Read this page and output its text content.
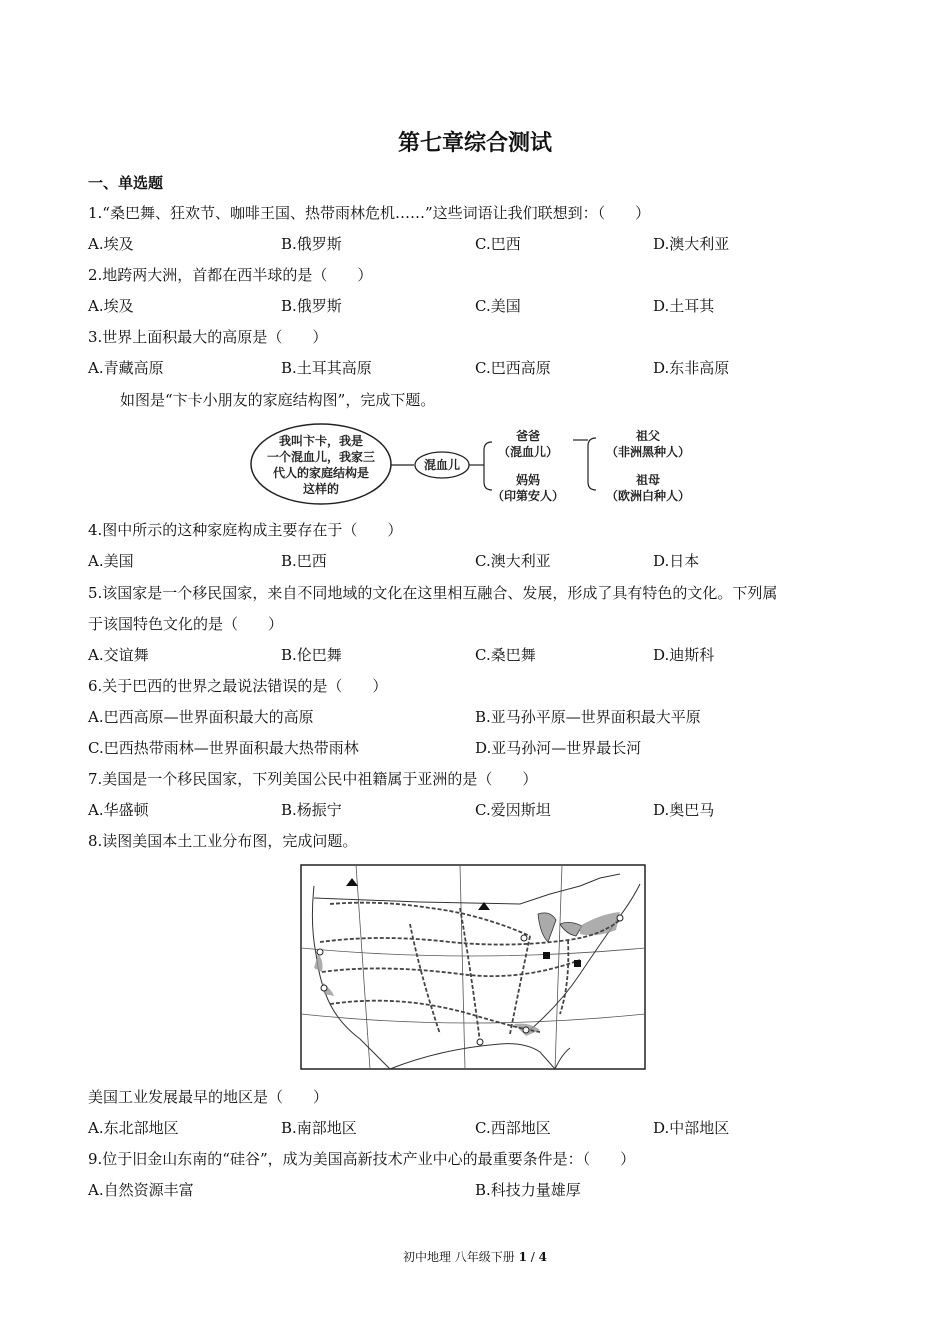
第七章综合测试
一、单选题
1.“桑巴舞、狂欢节、咖啡王国、热带雨林危机……”这些词语让我们联想到：（　　）
A.埃及	B.俄罗斯	C.巴西	D.澳大利亚
2.地跨两大洲，首都在西半球的是（　　）
A.埃及	B.俄罗斯	C.美国	D.土耳其
3.世界上面积最大的高原是（　　）
A.青藏高原	B.土耳其高原	C.巴西高原	D.东非高原
如图是“卞卡小朋友的家庭结构图”，完成下题。
我叫卞卡，我是
一个混血儿，我家三
代人的家庭结构是
这样的
混血儿
爸爸
（混血儿）
妈妈
（印第安人）
祖父
（非洲黑种人）
祖母
（欧洲白种人）
4.图中所示的这种家庭构成主要存在于（　　）
A.美国	B.巴西	C.澳大利亚	D.日本
5.该国家是一个移民国家，来自不同地域的文化在这里相互融合、发展，形成了具有特色的文化。下列属
于该国特色文化的是（　　）
A.交谊舞	B.伦巴舞	C.桑巴舞	D.迪斯科
6.关于巴西的世界之最说法错误的是（　　）
A.巴西高原—世界面积最大的高原	B.亚马孙平原—世界面积最大平原
C.巴西热带雨林—世界面积最大热带雨林	D.亚马孙河—世界最长河
7.美国是一个移民国家，下列美国公民中祖籍属于亚洲的是（　　）
A.华盛顿	B.杨振宁	C.爱因斯坦	D.奥巴马
8.读图美国本土工业分布图，完成问题。
美国工业发展最早的地区是（　　）
A.东北部地区	B.南部地区	C.西部地区	D.中部地区
9.位于旧金山东南的“硅谷”，成为美国高新技术产业中心的最重要条件是：（　　）
A.自然资源丰富	B.科技力量雄厚
初中地理 八年级下册 1 / 4
